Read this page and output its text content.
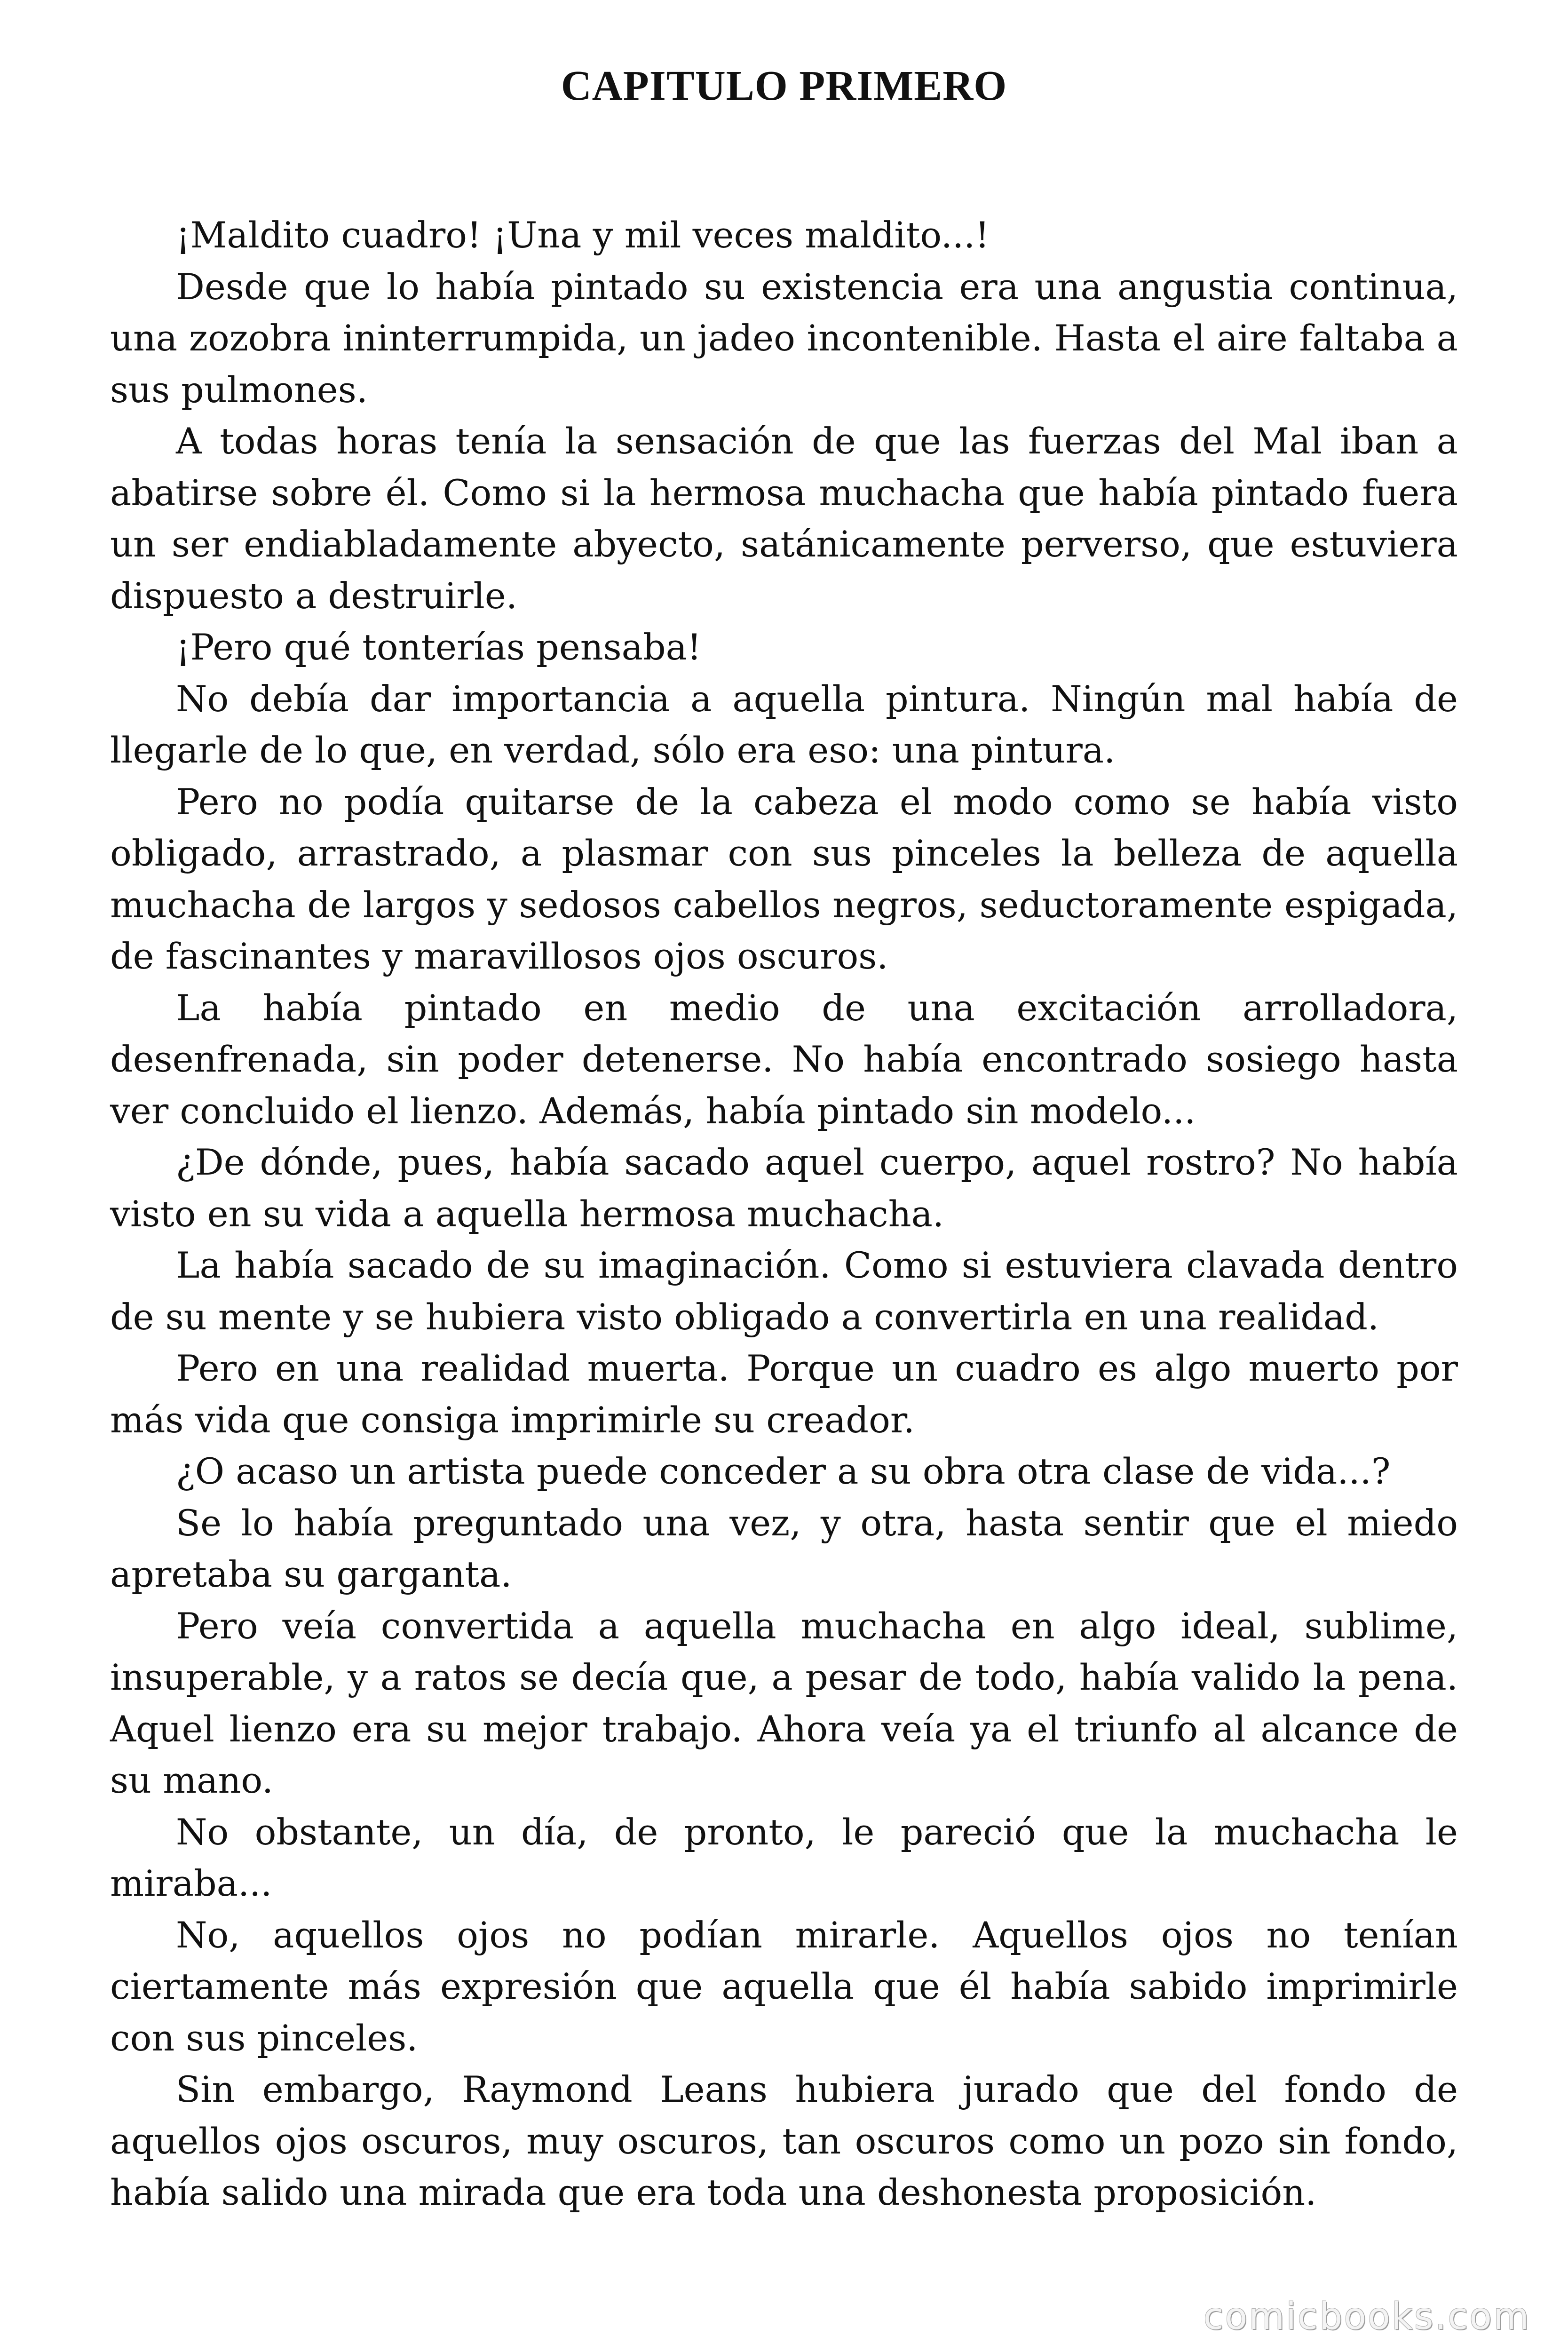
CAPITULO PRIMERO

¡Maldito cuadro! ¡Una y mil veces maldito...!

Desde que lo había pintado su existencia era una angustia continua, una zozobra ininterrumpida, un jadeo incontenible. Hasta el aire faltaba a sus pulmones.

A todas horas tenía la sensación de que las fuerzas del Mal iban a abatirse sobre él. Como si la hermosa muchacha que había pintado fuera un ser endiabladamente abyecto, satánicamente perverso, que estuviera dispuesto a destruirle.

¡Pero qué tonterías pensaba!

No debía dar importancia a aquella pintura. Ningún mal había de llegarle de lo que, en verdad, sólo era eso: una pintura.

Pero no podía quitarse de la cabeza el modo como se había visto obligado, arrastrado, a plasmar con sus pinceles la belleza de aquella muchacha de largos y sedosos cabellos negros, seductoramente espigada, de fascinantes y maravillosos ojos oscuros.

La había pintado en medio de una excitación arrolladora, desenfrenada, sin poder detenerse. No había encontrado sosiego hasta ver concluido el lienzo. Además, había pintado sin modelo...

¿De dónde, pues, había sacado aquel cuerpo, aquel rostro? No había visto en su vida a aquella hermosa muchacha.

La había sacado de su imaginación. Como si estuviera clavada dentro de su mente y se hubiera visto obligado a convertirla en una realidad.

Pero en una realidad muerta. Porque un cuadro es algo muerto por más vida que consiga imprimirle su creador.

¿O acaso un artista puede conceder a su obra otra clase de vida...?

Se lo había preguntado una vez, y otra, hasta sentir que el miedo apretaba su garganta.

Pero veía convertida a aquella muchacha en algo ideal, sublime, insuperable, y a ratos se decía que, a pesar de todo, había valido la pena. Aquel lienzo era su mejor trabajo. Ahora veía ya el triunfo al alcance de su mano.

No obstante, un día, de pronto, le pareció que la muchacha le miraba...

No, aquellos ojos no podían mirarle. Aquellos ojos no tenían ciertamente más expresión que aquella que él había sabido imprimirle con sus pinceles.

Sin embargo, Raymond Leans hubiera jurado que del fondo de aquellos ojos oscuros, muy oscuros, tan oscuros como un pozo sin fondo, había salido una mirada que era toda una deshonesta proposición.

comicbooks.com
